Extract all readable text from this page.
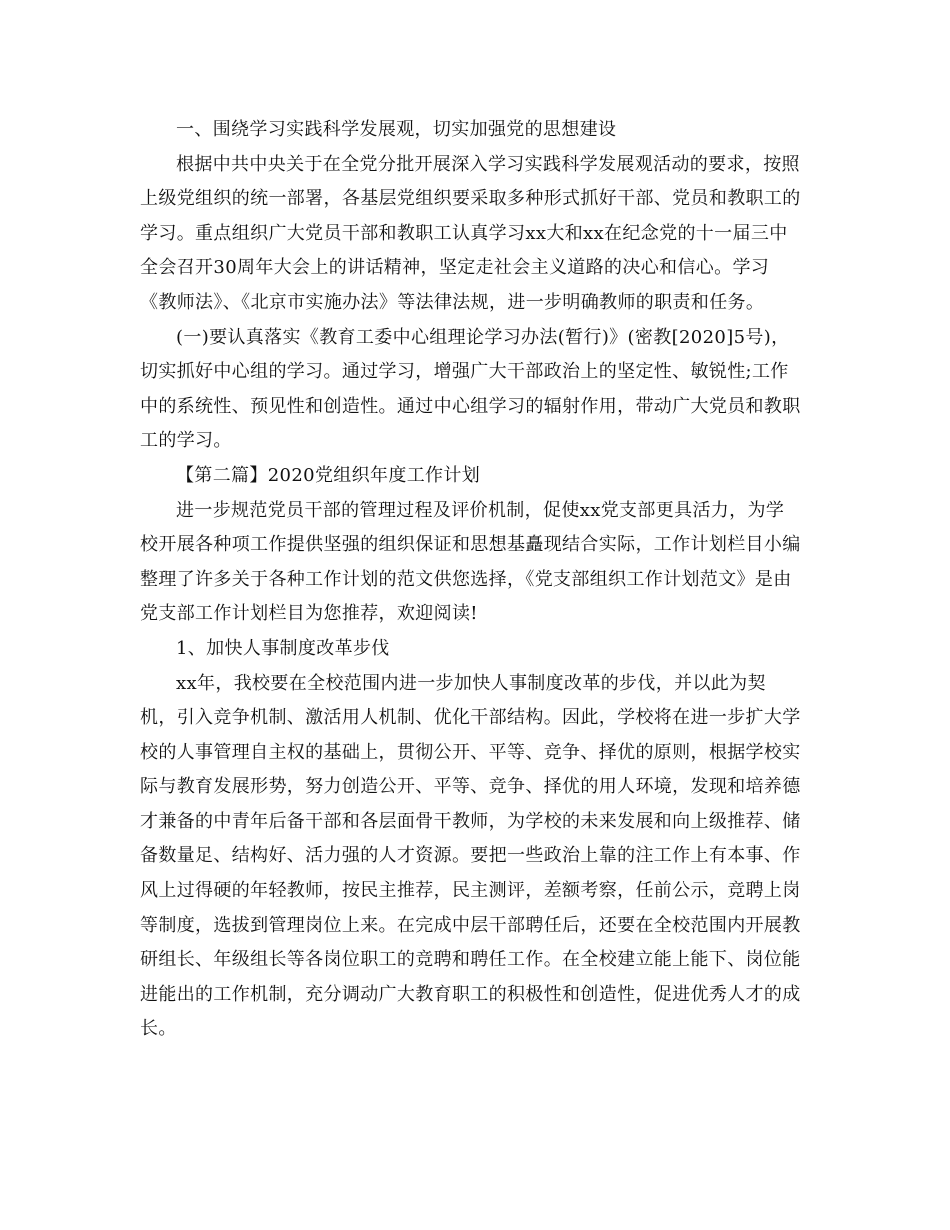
一、围绕学习实践科学发展观，切实加强党的思想建设
根据中共中央关于在全党分批开展深入学习实践科学发展观活动的要求，按照
上级党组织的统一部署，各基层党组织要采取多种形式抓好干部、党员和教职工的
学习。重点组织广大党员干部和教职工认真学习xx大和xx在纪念党的十一届三中
全会召开30周年大会上的讲话精神，坚定走社会主义道路的决心和信心。学习
《教师法》、《北京市实施办法》等法律法规，进一步明确教师的职责和任务。
(一)要认真落实《教育工委中心组理论学习办法(暂行)》(密教[2020]5号)，
切实抓好中心组的学习。通过学习，增强广大干部政治上的坚定性、敏锐性;工作
中的系统性、预见性和创造性。通过中心组学习的辐射作用，带动广大党员和教职
工的学习。
【第二篇】2020党组织年度工作计划
进一步规范党员干部的管理过程及评价机制，促使xx党支部更具活力，为学
校开展各种项工作提供坚强的组织保证和思想基矗现结合实际，工作计划栏目小编
整理了许多关于各种工作计划的范文供您选择，《党支部组织工作计划范文》是由
党支部工作计划栏目为您推荐，欢迎阅读!
1、加快人事制度改革步伐
xx年，我校要在全校范围内进一步加快人事制度改革的步伐，并以此为契
机，引入竞争机制、激活用人机制、优化干部结构。因此，学校将在进一步扩大学
校的人事管理自主权的基础上，贯彻公开、平等、竞争、择优的原则，根据学校实
际与教育发展形势，努力创造公开、平等、竞争、择优的用人环境，发现和培养德
才兼备的中青年后备干部和各层面骨干教师，为学校的未来发展和向上级推荐、储
备数量足、结构好、活力强的人才资源。要把一些政治上靠的注工作上有本事、作
风上过得硬的年轻教师，按民主推荐，民主测评，差额考察，任前公示，竞聘上岗
等制度，选拔到管理岗位上来。在完成中层干部聘任后，还要在全校范围内开展教
研组长、年级组长等各岗位职工的竞聘和聘任工作。在全校建立能上能下、岗位能
进能出的工作机制，充分调动广大教育职工的积极性和创造性，促进优秀人才的成
长。
